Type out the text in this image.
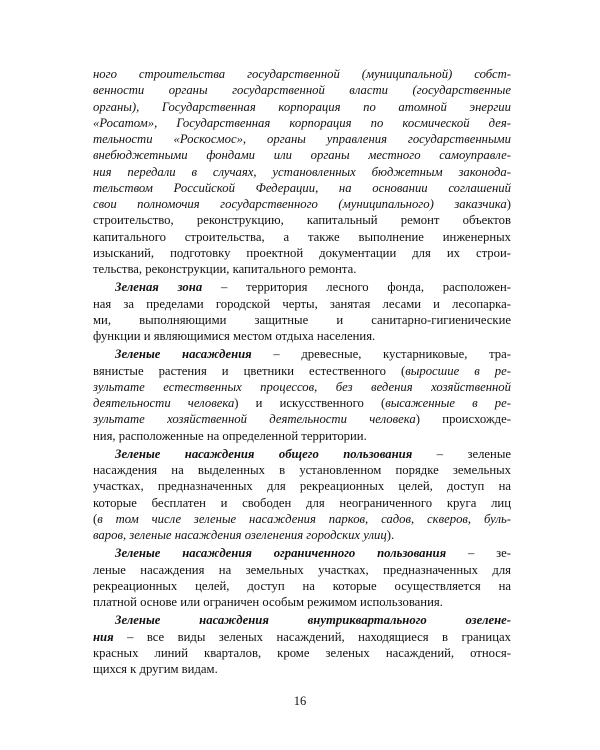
ного строительства государственной (муниципальной) собст-
венности органы государственной власти (государственные
органы), Государственная корпорация по атомной энергии
«Росатом», Государственная корпорация по космической дея-
тельности «Роскосмос», органы управления государственными
внебюджетными фондами или органы местного самоуправле-
ния передали в случаях, установленных бюджетным законода-
тельством Российской Федерации, на основании соглашений
свои полномочия государственного (муниципального) заказчика)
строительство, реконструкцию, капитальный ремонт объектов
капитального строительства, а также выполнение инженерных
изысканий, подготовку проектной документации для их строи-
тельства, реконструкции, капитального ремонта.
Зеленая зона – территория лесного фонда, расположен-
ная за пределами городской черты, занятая лесами и лесопарка-
ми, выполняющими защитные и санитарно-гигиенические
функции и являющимися местом отдыха населения.
Зеленые насаждения – древесные, кустарниковые, тра-
вянистые растения и цветники естественного (выросшие в ре-
зультате естественных процессов, без ведения хозяйственной
деятельности человека) и искусственного (высаженные в ре-
зультате хозяйственной деятельности человека) происхожде-
ния, расположенные на определенной территории.
Зеленые насаждения общего пользования – зеленые
насаждения на выделенных в установленном порядке земельных
участках, предназначенных для рекреационных целей, доступ на
которые бесплатен и свободен для неограниченного круга лиц
(в том числе зеленые насаждения парков, садов, скверов, буль-
варов, зеленые насаждения озеленения городских улиц).
Зеленые насаждения ограниченного пользования – зе-
леные насаждения на земельных участках, предназначенных для
рекреационных целей, доступ на которые осуществляется на
платной основе или ограничен особым режимом использования.
Зеленые насаждения внутриквартального озелене-
ния – все виды зеленых насаждений, находящиеся в границах
красных линий кварталов, кроме зеленых насаждений, относя-
щихся к другим видам.
16
